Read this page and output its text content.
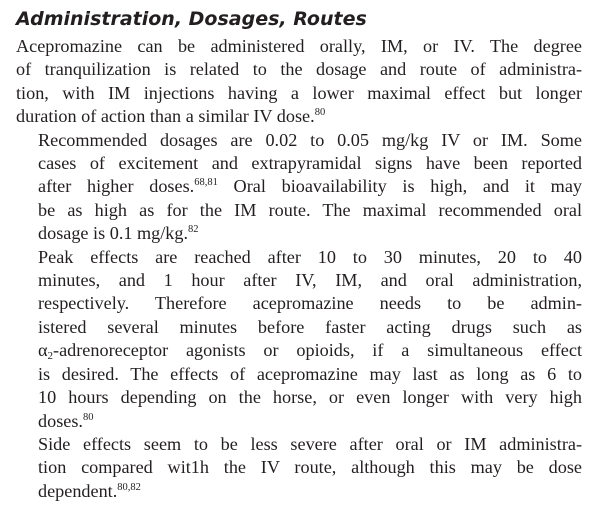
Administration, Dosages, Routes

Acepromazine can be administered orally, IM, or IV. The degree
of tranquilization is related to the dosage and route of administra-
tion, with IM injections having a lower maximal effect but longer
duration of action than a similar IV dose.$^{80}$

Recommended dosages are 0.02 to 0.05 mg/kg IV or IM. Some
cases of excitement and extrapyramidal signs have been reported
after higher doses.$^{68,81}$ Oral bioavailability is high, and it may
be as high as for the IM route. The maximal recommended oral
dosage is 0.1 mg/kg.$^{82}$

Peak effects are reached after 10 to 30 minutes, 20 to 40
minutes, and 1 hour after IV, IM, and oral administration,
respectively. Therefore acepromazine needs to be admin-
istered several minutes before faster acting drugs such as
$\alpha_2$-adrenoreceptor agonists or opioids, if a simultaneous effect
is desired. The effects of acepromazine may last as long as 6 to
10 hours depending on the horse, or even longer with very high
doses.$^{80}$

Side effects seem to be less severe after oral or IM administra-
tion compared wit1h the IV route, although this may be dose
dependent.$^{80,82}$
